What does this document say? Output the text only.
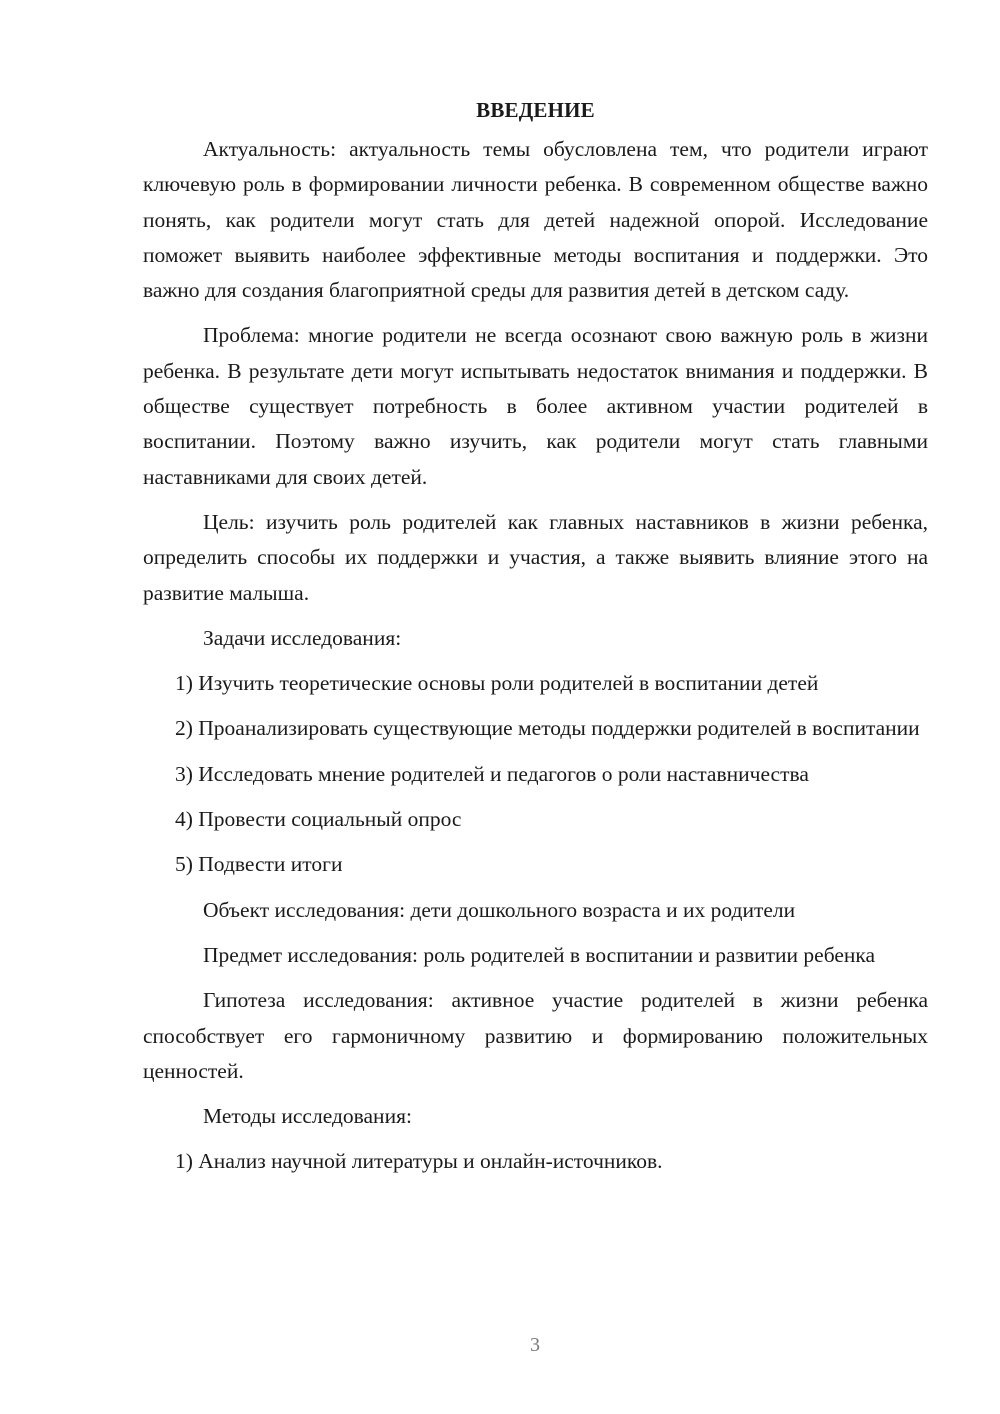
ВВЕДЕНИЕ

Актуальность: актуальность темы обусловлена тем, что родители играют ключевую роль в формировании личности ребенка. В современном обществе важно понять, как родители могут стать для детей надежной опорой. Исследование поможет выявить наиболее эффективные методы воспитания и поддержки. Это важно для создания благоприятной среды для развития детей в детском саду.

Проблема: многие родители не всегда осознают свою важную роль в жизни ребенка. В результате дети могут испытывать недостаток внимания и поддержки. В обществе существует потребность в более активном участии родителей в воспитании. Поэтому важно изучить, как родители могут стать главными наставниками для своих детей.

Цель: изучить роль родителей как главных наставников в жизни ребенка, определить способы их поддержки и участия, а также выявить влияние этого на развитие малыша.

Задачи исследования:

1) Изучить теоретические основы роли родителей в воспитании детей

2) Проанализировать существующие методы поддержки родителей в воспитании

3) Исследовать мнение родителей и педагогов о роли наставничества

4) Провести социальный опрос

5) Подвести итоги

Объект исследования: дети дошкольного возраста и их родители

Предмет исследования: роль родителей в воспитании и развитии ребенка

Гипотеза исследования: активное участие родителей в жизни ребенка способствует его гармоничному развитию и формированию положительных ценностей.

Методы исследования:

1) Анализ научной литературы и онлайн-источников.

3
